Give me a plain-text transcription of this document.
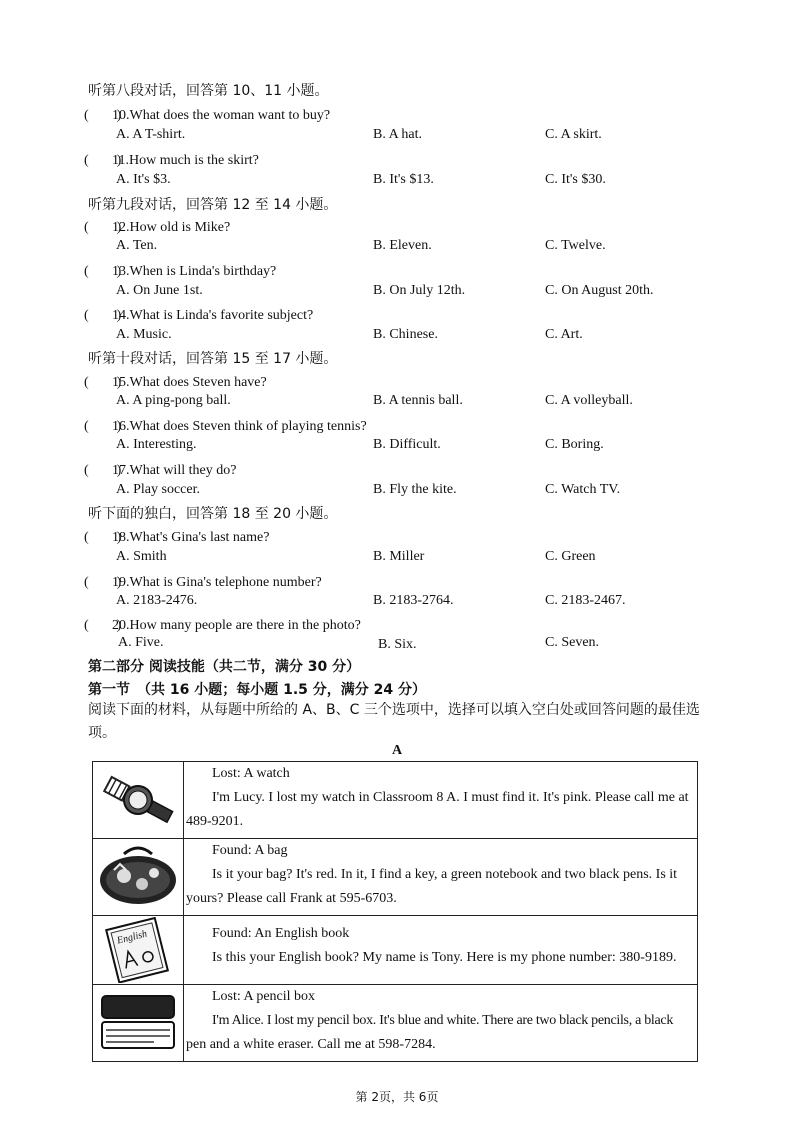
听第八段对话，回答第 10、11 小题。
(　　)10.What does the woman want to buy?
A. A T-shirt.	B. A hat.	C. A skirt.
(　　)11.How much is the skirt?
A. It's $3.	B. It's $13.	C. It's $30.
听第九段对话，回答第 12 至 14 小题。
(　　)12.How old is Mike?
A. Ten.	B. Eleven.	C. Twelve.
(　　)13.When is Linda's birthday?
A. On June 1st.	B. On July 12th.	C. On August 20th.
(　　)14.What is Linda's favorite subject?
A. Music.	B. Chinese.	C. Art.
听第十段对话，回答第 15 至 17 小题。
(　　)15.What does Steven have?
A. A ping-pong ball.	B. A tennis ball.	C. A volleyball.
(　　)16.What does Steven think of playing tennis?
A. Interesting.	B. Difficult.	C. Boring.
(　　)17.What will they do?
A. Play soccer.	B. Fly the kite.	C. Watch TV.
听下面的独白，回答第 18 至 20 小题。
(　　)18.What's Gina's last name?
A. Smith	B. Miller	C. Green
(　　)19.What is Gina's telephone number?
A. 2183-2476.	B. 2183-2764.	C. 2183-2467.
(　　)20.How many people are there in the photo?
A. Five.	B. Six.	C. Seven.
第二部分 阅读技能（共二节，满分 30 分）
第一节　（共 16 小题；每小题 1.5 分，满分 24 分）
阅读下面的材料，从每题中所给的 A、B、C 三个选项中，选择可以填入空白处或回答问题的最佳选项。
A

Lost: A watch
I'm Lucy. I lost my watch in Classroom 8 A. I must find it. It's pink. Please call me at
489-9201.

Found: A bag
Is it your bag? It's red. In it, I find a key, a green notebook and two black pens. Is it
yours? Please call Frank at 595-6703.

English	Found: An English book
Is this your English book? My name is Tony. Here is my phone number: 380-9189.

Lost: A pencil box
I'm Alice. I lost my pencil box. It's blue and white. There are two black pencils, a black
pen and a white eraser. Call me at 598-7284.
第 2页，共 6页
